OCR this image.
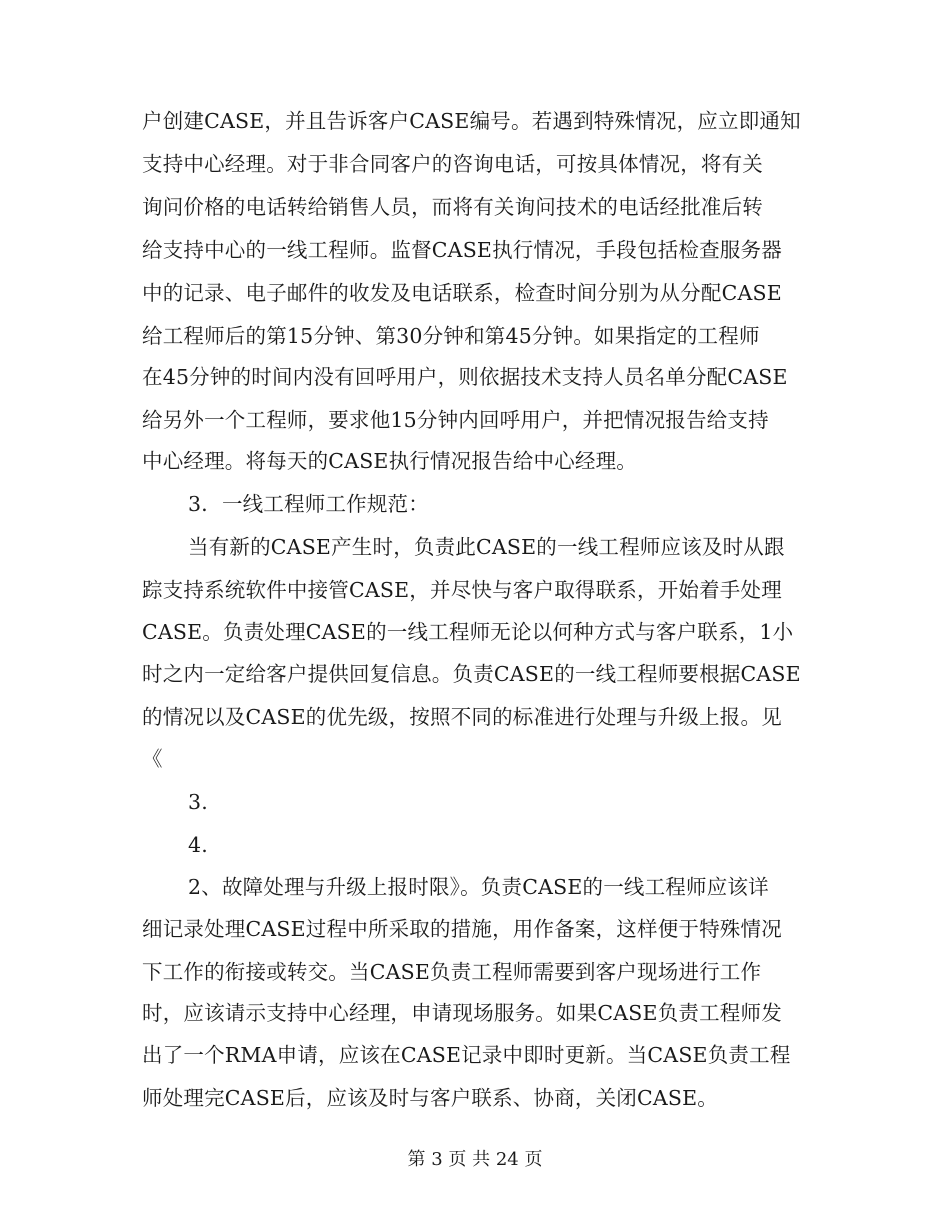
户创建CASE，并且告诉客户CASE编号。若遇到特殊情况，应立即通知
支持中心经理。对于非合同客户的咨询电话，可按具体情况，将有关
询问价格的电话转给销售人员，而将有关询问技术的电话经批准后转
给支持中心的一线工程师。监督CASE执行情况，手段包括检查服务器
中的记录、电子邮件的收发及电话联系，检查时间分别为从分配CASE
给工程师后的第15分钟、第30分钟和第45分钟。如果指定的工程师
在45分钟的时间内没有回呼用户，则依据技术支持人员名单分配CASE
给另外一个工程师，要求他15分钟内回呼用户，并把情况报告给支持
中心经理。将每天的CASE执行情况报告给中心经理。
3．一线工程师工作规范：
当有新的CASE产生时，负责此CASE的一线工程师应该及时从跟
踪支持系统软件中接管CASE，并尽快与客户取得联系，开始着手处理
CASE。负责处理CASE的一线工程师无论以何种方式与客户联系，1小
时之内一定给客户提供回复信息。负责CASE的一线工程师要根据CASE
的情况以及CASE的优先级，按照不同的标准进行处理与升级上报。见
《
3.
4.
2、故障处理与升级上报时限》。负责CASE的一线工程师应该详
细记录处理CASE过程中所采取的措施，用作备案，这样便于特殊情况
下工作的衔接或转交。当CASE负责工程师需要到客户现场进行工作
时，应该请示支持中心经理，申请现场服务。如果CASE负责工程师发
出了一个RMA申请，应该在CASE记录中即时更新。当CASE负责工程
师处理完CASE后，应该及时与客户联系、协商，关闭CASE。
第 3 页 共 24 页
